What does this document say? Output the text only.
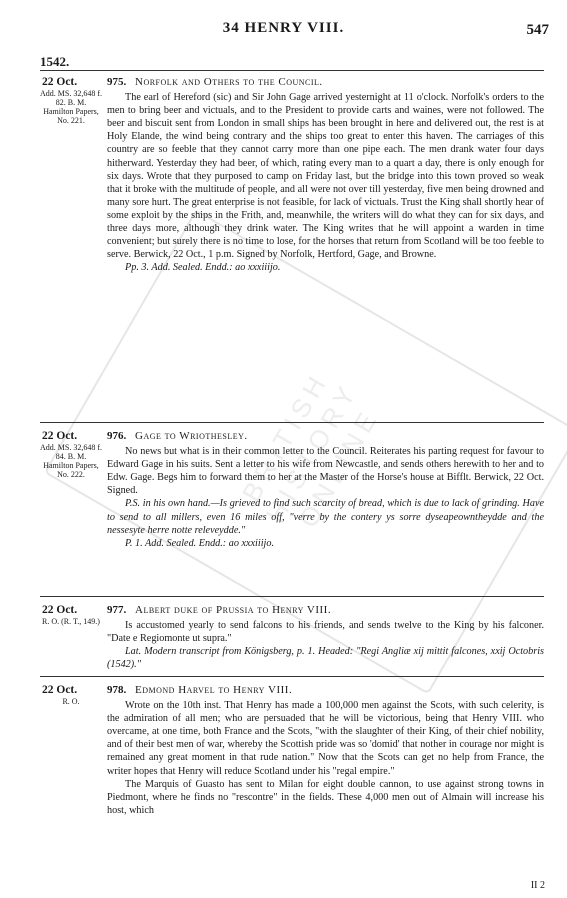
BRITISH HISTORY ONLINE
34 HENRY VIII.	547
1542.
22 Oct.
Add. MS. 32,648 f. 82. B. M. Hamilton Papers, No. 221.
975. Norfolk and Others to the Council.

The earl of Hereford (sic) and Sir John Gage arrived yesternight at 11 o'clock. Norfolk's orders to the men to bring beer and victuals, and to the President to provide carts and waines, were not followed. The beer and biscuit sent from London in small ships has been brought in here and delivered out, the rest is at Holy Elande, the wind being contrary and the ships too great to enter this haven. The carriages of this country are so feeble that they cannot carry more than one pipe each. The men drank water four days hitherward. Yesterday they had beer, of which, rating every man to a quart a day, there is only enough for six days. Wrote that they purposed to camp on Friday last, but the bridge into this town proved so weak that it broke with the multitude of people, and all were not over till yesterday, five men being drowned and many sore hurt. The great enterprise is not feasible, for lack of victuals. Trust the King shall shortly hear of some exploit by the ships in the Frith, and, meanwhile, the writers will do what they can for six days, and three days more, although they drink water. The King writes that he will appoint a warden in time convenient; but surely there is no time to lose, for the horses that return from Scotland will be too feeble to serve. Berwick, 22 Oct., 1 p.m. Signed by Norfolk, Hertford, Gage, and Browne.

Pp. 3. Add. Sealed. Endd.: ao xxxiiijo.

22 Oct.
Add. MS. 32,648 f. 84. B. M. Hamilton Papers, No. 222.
976. Gage to Wriothesley.

No news but what is in their common letter to the Council. Reiterates his parting request for favour to Edward Gage in his suits. Sent a letter to his wife from Newcastle, and sends others herewith to her and to Edw. Gage. Begs him to forward them to her at the Master of the Horse's house at Bifflt. Berwick, 22 Oct. Signed.

P.S. in his own hand.—Is grieved to find such scarcity of bread, which is due to lack of grinding. Have to send to all millers, even 16 miles off, "verre by the contery ys sorre dyseapeowntheydde and the nessesyte herre notte releveydde."

P. 1. Add. Sealed. Endd.: ao xxxiiijo.

22 Oct.
R. O. (R. T., 149.)
977. Albert duke of Prussia to Henry VIII.

Is accustomed yearly to send falcons to his friends, and sends twelve to the King by his falconer. "Date e Regiomonte ut supra."

Lat. Modern transcript from Königsberg, p. 1. Headed: "Regi Angliæ xij mittit falcones, xxij Octobris (1542)."

22 Oct.
R. O.
978. Edmond Harvel to Henry VIII.

Wrote on the 10th inst. That Henry has made a 100,000 men against the Scots, with such celerity, is the admiration of all men; who are persuaded that he will be victorious, being that Henry VIII. who overcame, at one time, both France and the Scots, "with the slaughter of their King, of their chief nobility, and of their best men of war, whereby the Scottish pride was so 'domid' that nother in courage nor might is remained any great moment in that rude nation." Now that the Scots can get no help from France, the writer hopes that Henry will reduce Scotland under his "regal empire."

The Marquis of Guasto has sent to Milan for eight double cannon, to use against strong towns in Piedmont, where he finds no "rescontre" in the fields. These 4,000 men out of Almain will increase his host, which

II 2
